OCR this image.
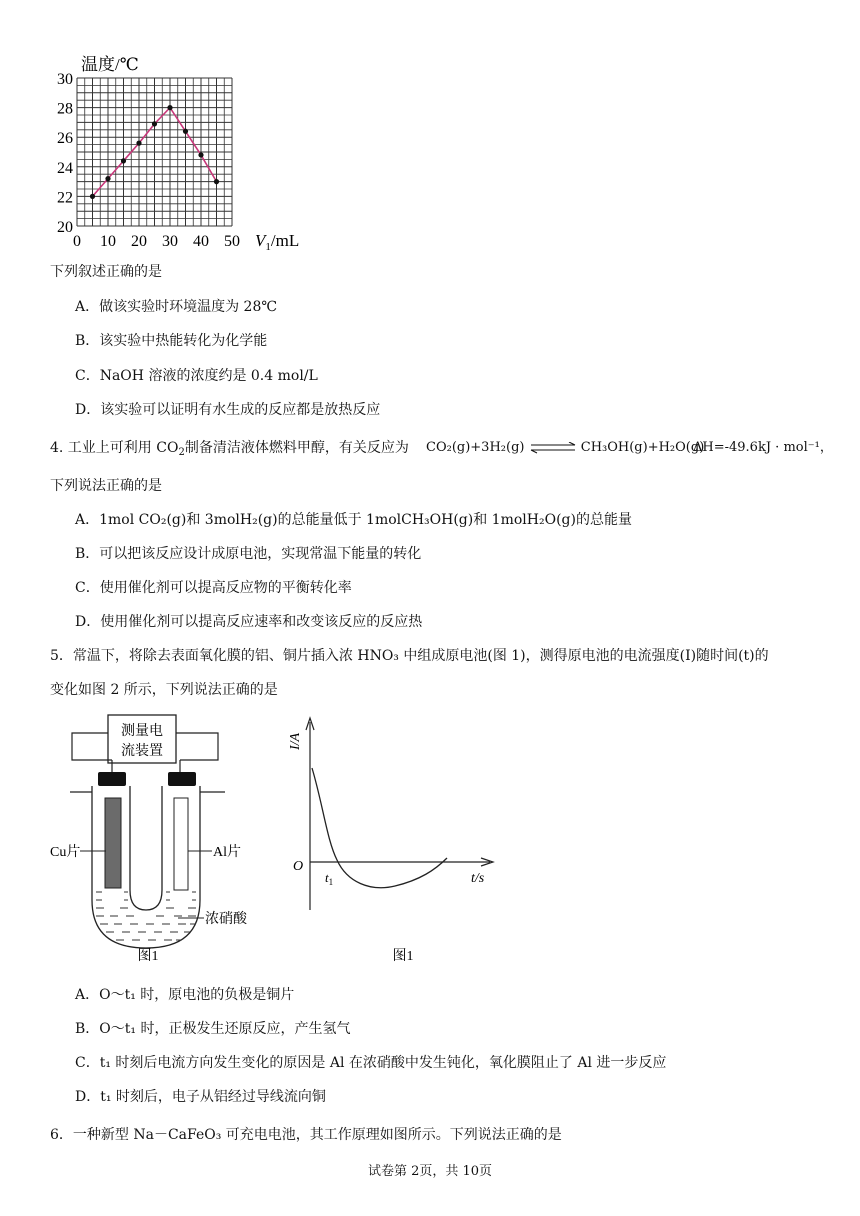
温度/℃
30
28
26
24
22
20
0 10 20 30 40 50 $V_1/mL$
下列叙述正确的是
A．做该实验时环境温度为 28℃
B．该实验中热能转化为化学能
C．NaOH 溶液的浓度约是 0.4 mol/L
D．该实验可以证明有水生成的反应都是放热反应
4. 工业上可利用 $CO_2$制备清洁液体燃料甲醇，有关反应为 CO₂(g)+3H₂(g) ⇌ CH₃OH(g)+H₂O(g)
ΔH=-49.6kJ · mol⁻¹，
下列说法正确的是
A．1mol CO₂(g)和 3molH₂(g)的总能量低于 1molCH₃OH(g)和 1molH₂O(g)的总能量
B．可以把该反应设计成原电池，实现常温下能量的转化
C．使用催化剂可以提高反应物的平衡转化率
D．使用催化剂可以提高反应速率和改变该反应的反应热
5．常温下，将除去表面氧化膜的铝、铜片插入浓 HNO₃ 中组成原电池(图 1)，测得原电池的电流强度(I)随时间(t)的
变化如图 2 所示，下列说法正确的是
测量电
流装置
Cu片	Al片
浓硝酸
图1
I/A
O
$t_1$	t/s
图1
A．O～t₁ 时，原电池的负极是铜片
B．O～t₁ 时，正极发生还原反应，产生氢气
C．t₁ 时刻后电流方向发生变化的原因是 Al 在浓硝酸中发生钝化，氧化膜阻止了 Al 进一步反应
D．t₁ 时刻后，电子从铝经过导线流向铜
6．一种新型 Na－CaFeO₃ 可充电电池，其工作原理如图所示。下列说法正确的是
试卷第 2页，共 10页
